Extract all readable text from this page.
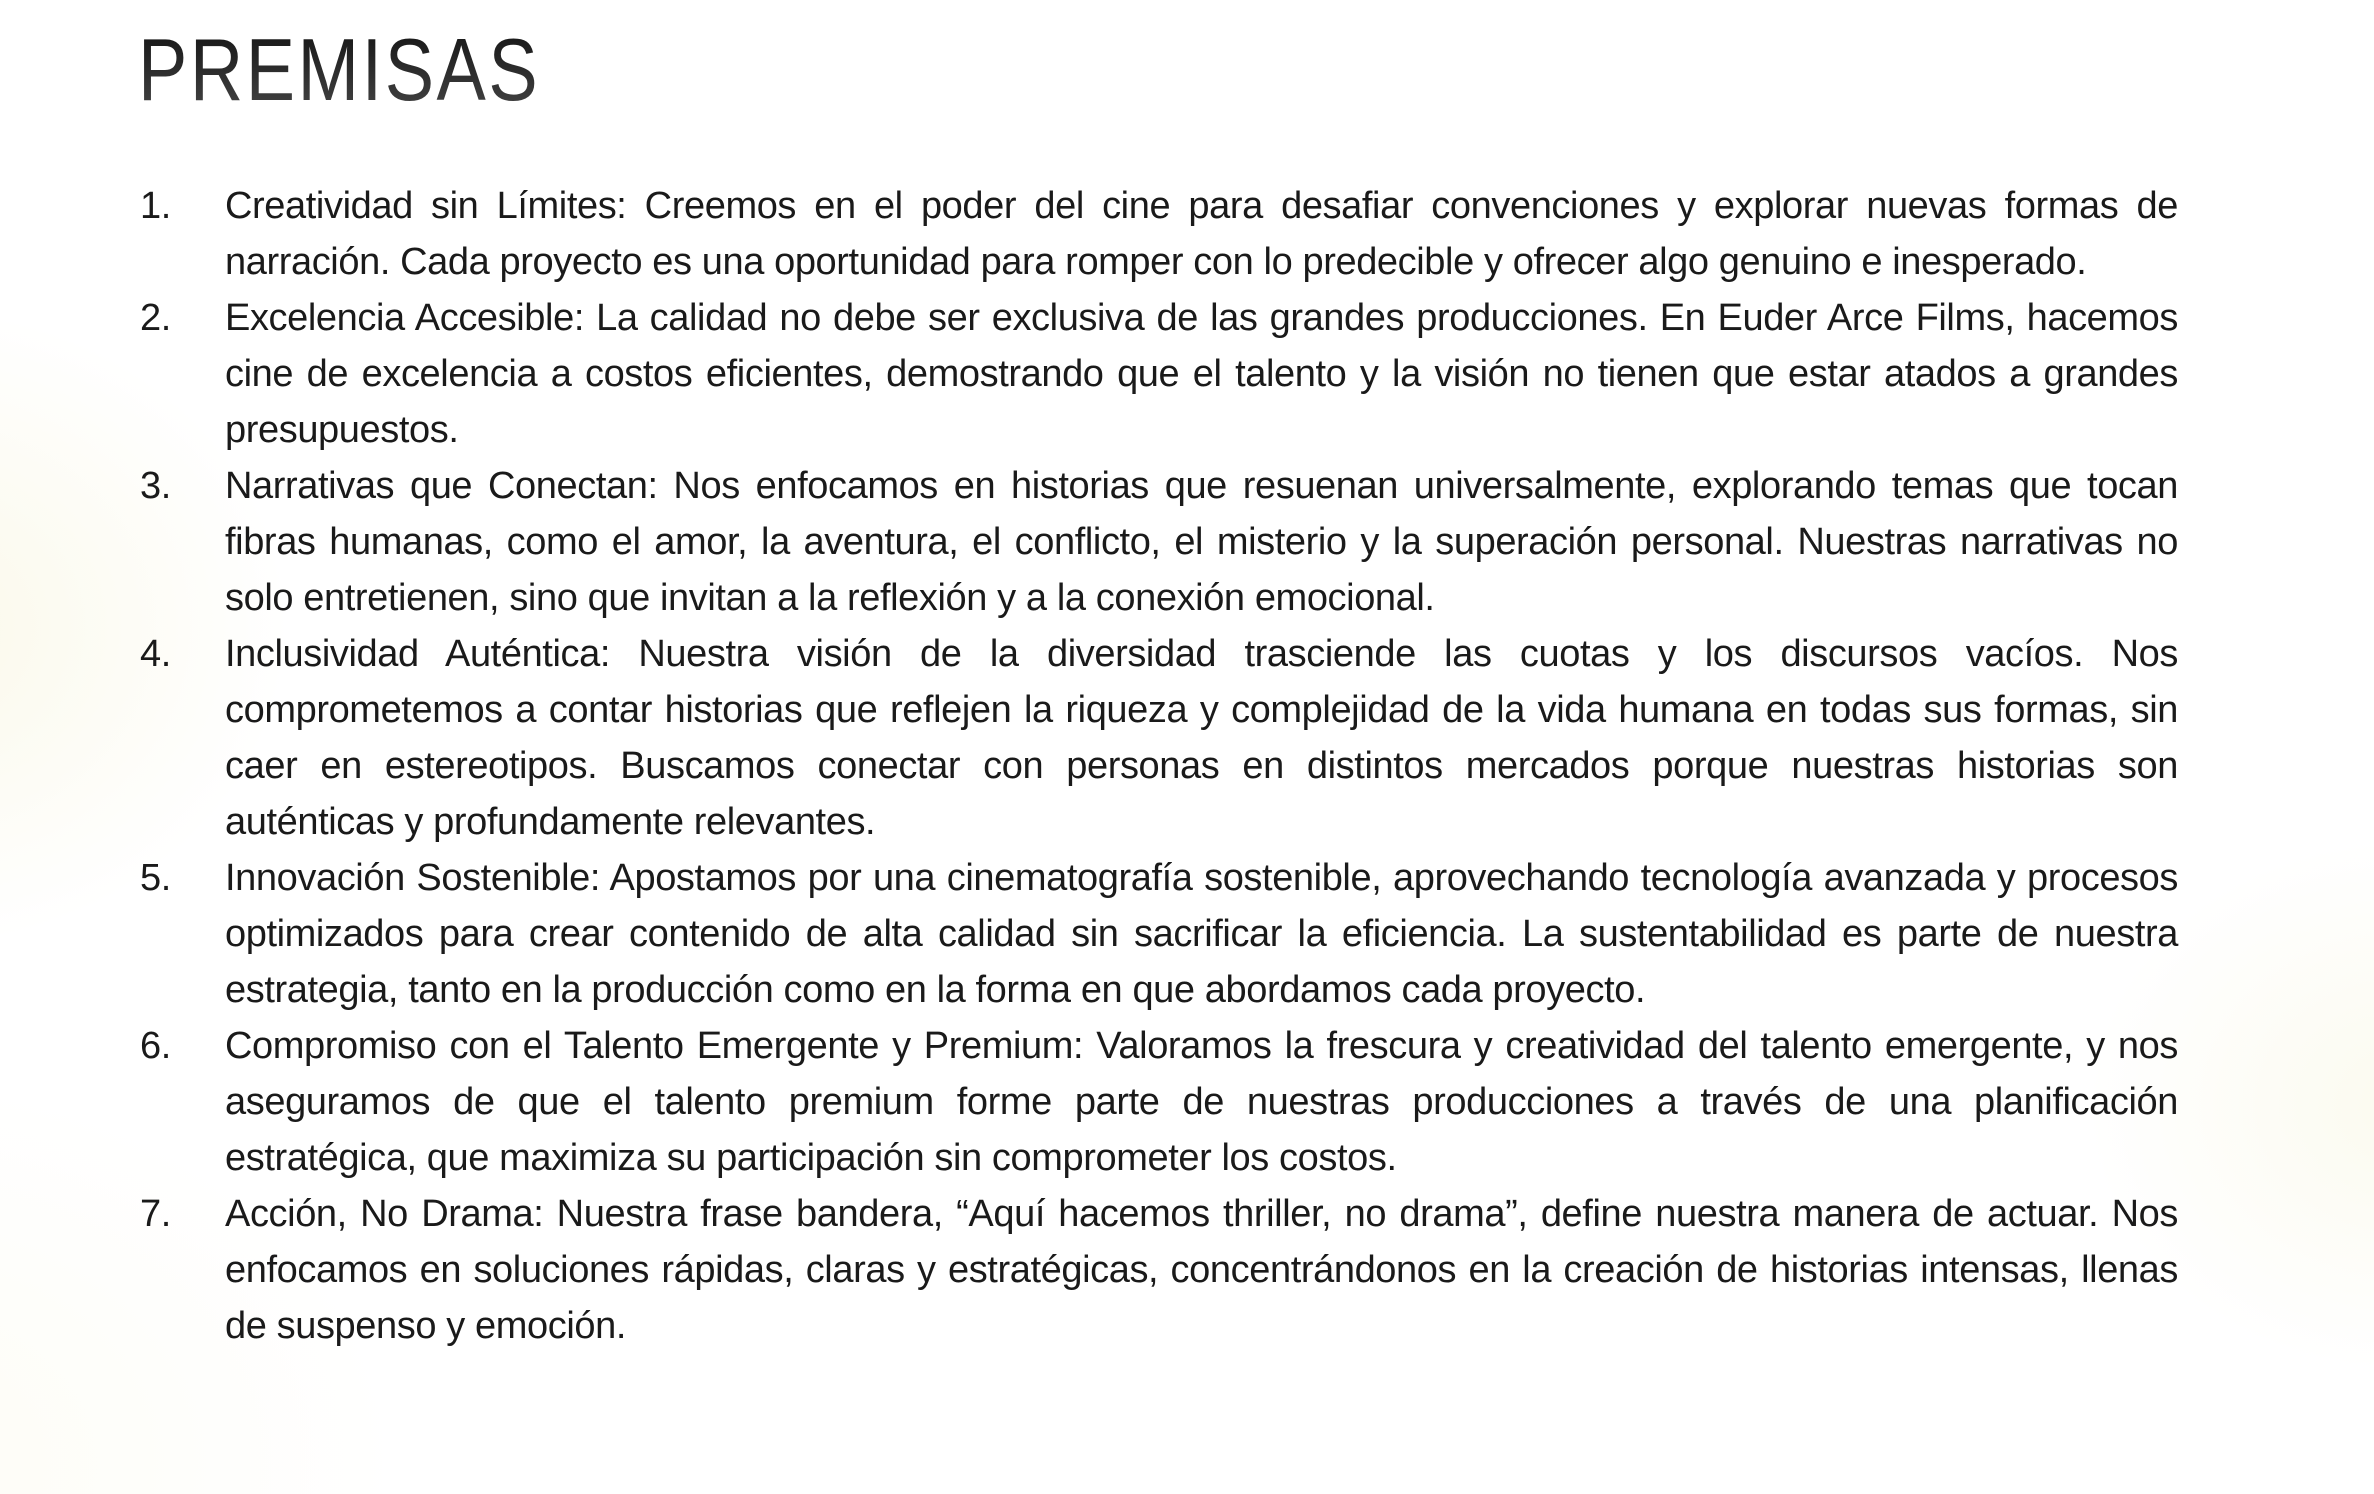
PREMISAS
1.	Creatividad sin Límites: Creemos en el poder del cine para desafiar convenciones y explorar nuevas formas de narración. Cada proyecto es una oportunidad para romper con lo predecible y ofrecer algo genuino e inesperado.
2.	Excelencia Accesible: La calidad no debe ser exclusiva de las grandes producciones. En Euder Arce Films, hacemos cine de excelencia a costos eficientes, demostrando que el talento y la visión no tienen que estar atados a grandes presupuestos.
3.	Narrativas que Conectan: Nos enfocamos en historias que resuenan universalmente, explorando temas que tocan fibras humanas, como el amor, la aventura, el conflicto, el misterio y la superación personal. Nuestras narrativas no solo entretienen, sino que invitan a la reflexión y a la conexión emocional.
4.	Inclusividad Auténtica: Nuestra visión de la diversidad trasciende las cuotas y los discursos vacíos. Nos comprometemos a contar historias que reflejen la riqueza y complejidad de la vida humana en todas sus formas, sin caer en estereotipos. Buscamos conectar con personas en distintos mercados porque nuestras historias son auténticas y profundamente relevantes.
5.	Innovación Sostenible: Apostamos por una cinematografía sostenible, aprovechando tecnología avanzada y procesos optimizados para crear contenido de alta calidad sin sacrificar la eficiencia. La sustentabilidad es parte de nuestra estrategia, tanto en la producción como en la forma en que abordamos cada proyecto.
6.	Compromiso con el Talento Emergente y Premium: Valoramos la frescura y creatividad del talento emergente, y nos aseguramos de que el talento premium forme parte de nuestras producciones a través de una planificación estratégica, que maximiza su participación sin comprometer los costos.
7.	Acción, No Drama: Nuestra frase bandera, “Aquí hacemos thriller, no drama”, define nuestra manera de actuar. Nos enfocamos en soluciones rápidas, claras y estratégicas, concentrándonos en la creación de historias intensas, llenas de suspenso y emoción.
